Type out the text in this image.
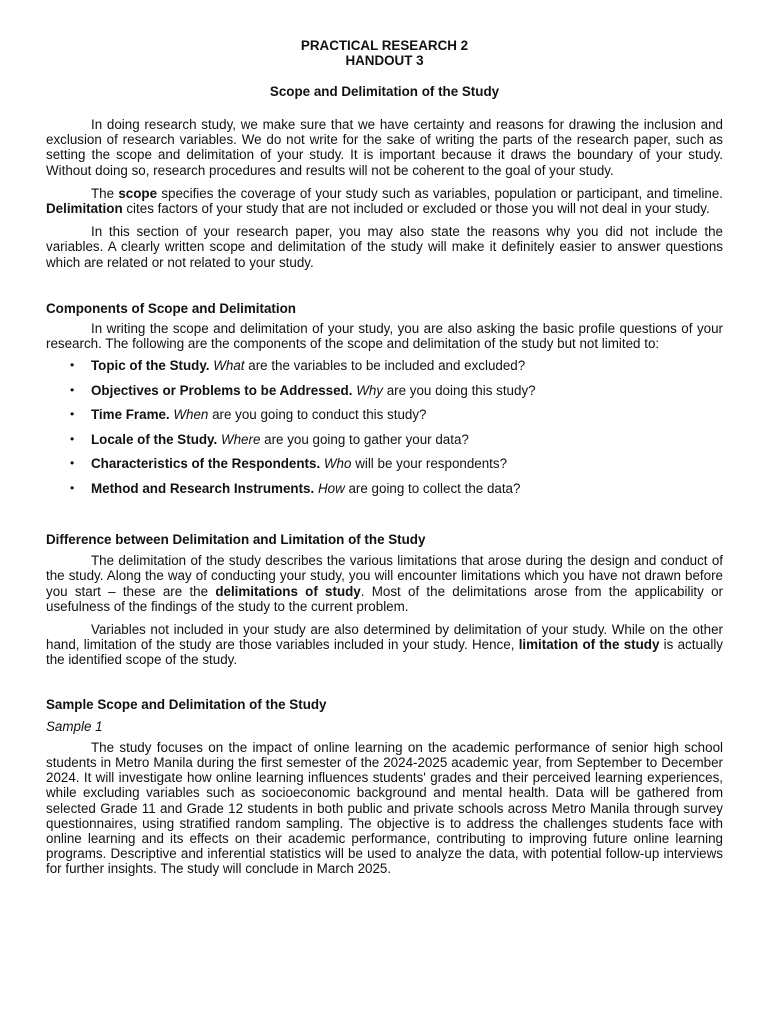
PRACTICAL RESEARCH 2
HANDOUT 3
Scope and Delimitation of the Study

In doing research study, we make sure that we have certainty and reasons for drawing the inclusion and exclusion of research variables. We do not write for the sake of writing the parts of the research paper, such as setting the scope and delimitation of your study. It is important because it draws the boundary of your study. Without doing so, research procedures and results will not be coherent to the goal of your study.

The scope specifies the coverage of your study such as variables, population or participant, and timeline. Delimitation cites factors of your study that are not included or excluded or those you will not deal in your study.

In this section of your research paper, you may also state the reasons why you did not include the variables. A clearly written scope and delimitation of the study will make it definitely easier to answer questions which are related or not related to your study.

Components of Scope and Delimitation

In writing the scope and delimitation of your study, you are also asking the basic profile questions of your research. The following are the components of the scope and delimitation of the study but not limited to:

• Topic of the Study. What are the variables to be included and excluded?
• Objectives or Problems to be Addressed. Why are you doing this study?
• Time Frame. When are you going to conduct this study?
• Locale of the Study. Where are you going to gather your data?
• Characteristics of the Respondents. Who will be your respondents?
• Method and Research Instruments. How are going to collect the data?
Difference between Delimitation and Limitation of the Study

The delimitation of the study describes the various limitations that arose during the design and conduct of the study. Along the way of conducting your study, you will encounter limitations which you have not drawn before you start – these are the delimitations of study. Most of the delimitations arose from the applicability or usefulness of the findings of the study to the current problem.

Variables not included in your study are also determined by delimitation of your study. While on the other hand, limitation of the study are those variables included in your study. Hence, limitation of the study is actually the identified scope of the study.

Sample Scope and Delimitation of the Study

Sample 1

The study focuses on the impact of online learning on the academic performance of senior high school students in Metro Manila during the first semester of the 2024-2025 academic year, from September to December 2024. It will investigate how online learning influences students' grades and their perceived learning experiences, while excluding variables such as socioeconomic background and mental health. Data will be gathered from selected Grade 11 and Grade 12 students in both public and private schools across Metro Manila through survey questionnaires, using stratified random sampling. The objective is to address the challenges students face with online learning and its effects on their academic performance, contributing to improving future online learning programs. Descriptive and inferential statistics will be used to analyze the data, with potential follow-up interviews for further insights. The study will conclude in March 2025.
